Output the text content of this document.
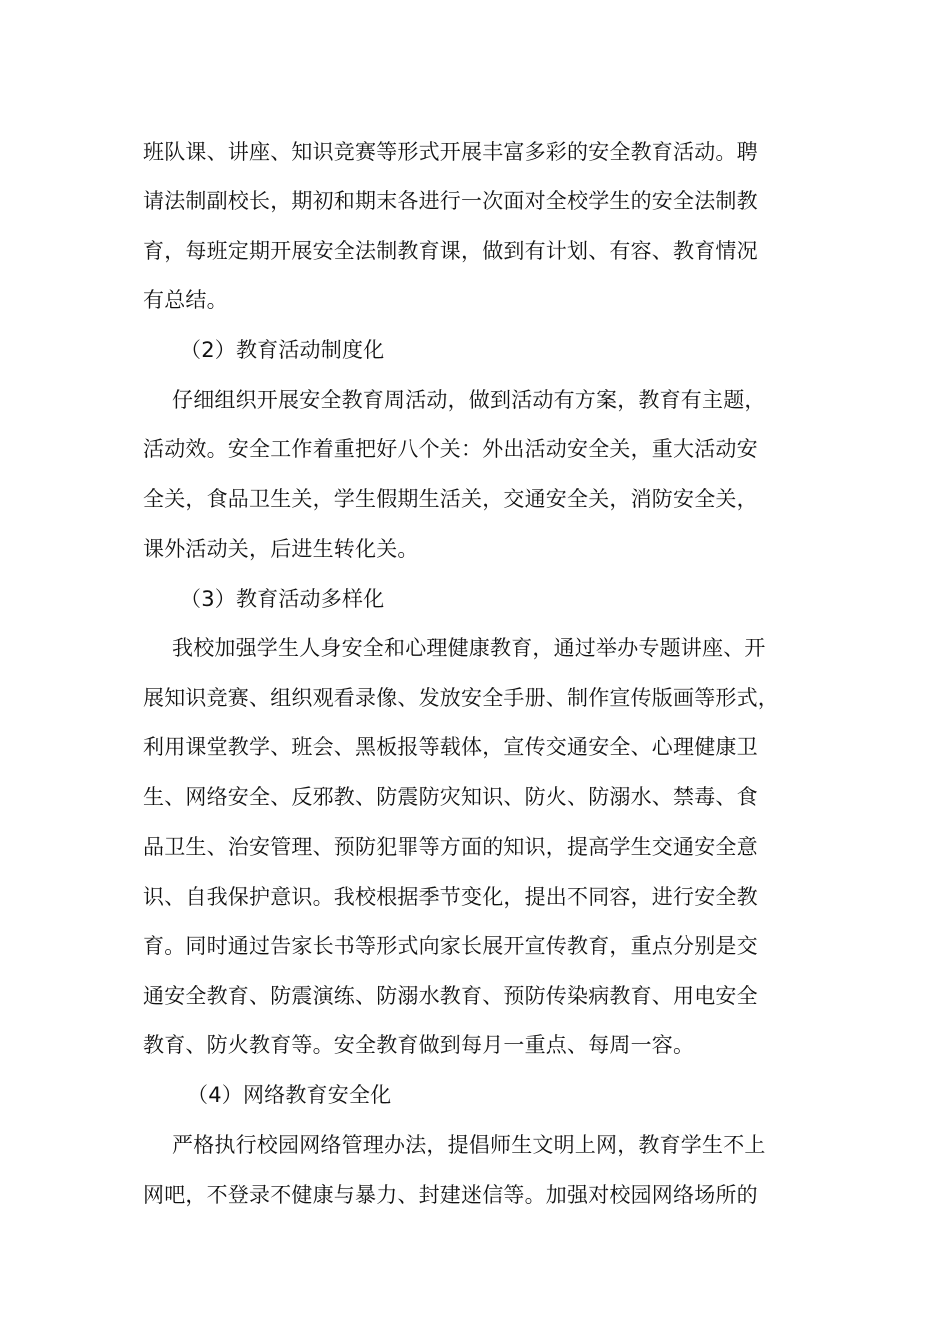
班队课、讲座、知识竞赛等形式开展丰富多彩的安全教育活动。聘
请法制副校长，期初和期末各进行一次面对全校学生的安全法制教
育，每班定期开展安全法制教育课，做到有计划、有容、教育情况
有总结。
（2）教育活动制度化
仔细组织开展安全教育周活动，做到活动有方案，教育有主题，
活动效。安全工作着重把好八个关：外出活动安全关，重大活动安
全关，食品卫生关，学生假期生活关，交通安全关，消防安全关，
课外活动关，后进生转化关。
（3）教育活动多样化
我校加强学生人身安全和心理健康教育，通过举办专题讲座、开
展知识竞赛、组织观看录像、发放安全手册、制作宣传版画等形式，
利用课堂教学、班会、黑板报等载体，宣传交通安全、心理健康卫
生、网络安全、反邪教、防震防灾知识、防火、防溺水、禁毒、食
品卫生、治安管理、预防犯罪等方面的知识，提高学生交通安全意
识、自我保护意识。我校根据季节变化，提出不同容，进行安全教
育。同时通过告家长书等形式向家长展开宣传教育，重点分别是交
通安全教育、防震演练、防溺水教育、预防传染病教育、用电安全
教育、防火教育等。安全教育做到每月一重点、每周一容。
（4）网络教育安全化
严格执行校园网络管理办法，提倡师生文明上网，教育学生不上
网吧，不登录不健康与暴力、封建迷信等。加强对校园网络场所的
